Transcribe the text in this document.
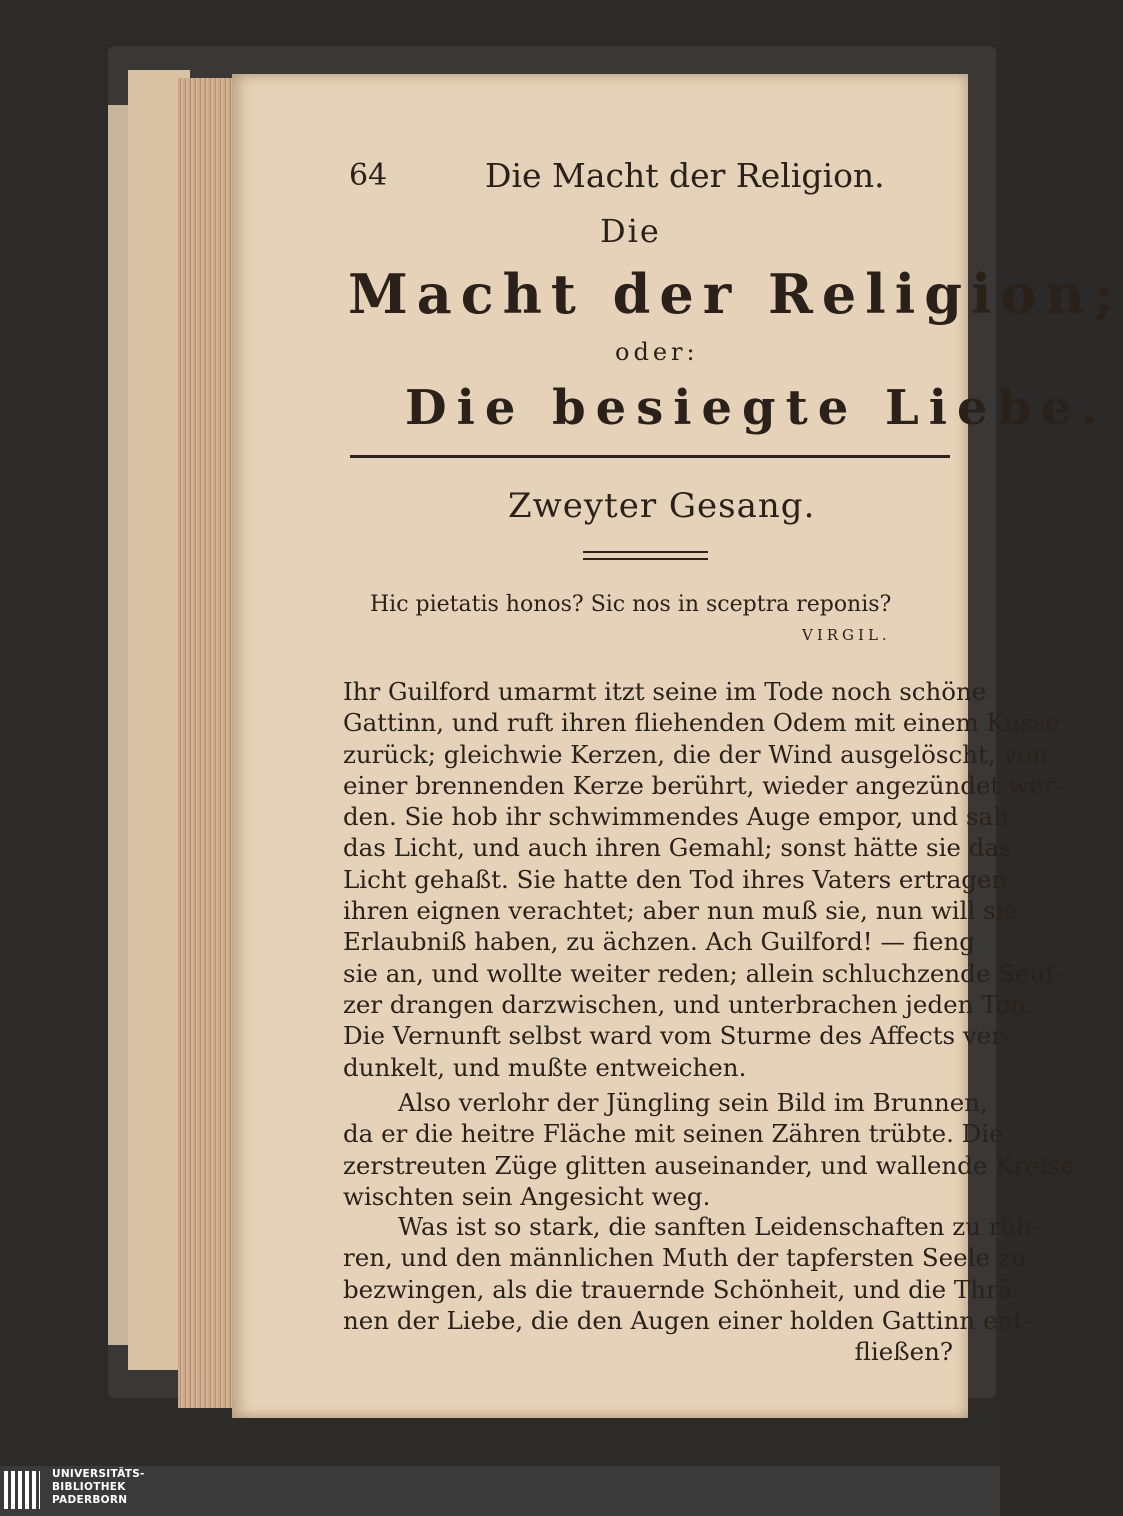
64	Die Macht der Religion.
Die
Macht der Religion;
oder:
Die besiegte Liebe.
Zweyter Gesang.
Hic pietatis honos? Sic nos in sceptra reponis?
VIRGIL.
Ihr Guilford umarmt itzt seine im Tode noch schöne
Gattinn, und ruft ihren fliehenden Odem mit einem Kusse
zurück; gleichwie Kerzen, die der Wind ausgelöscht, von
einer brennenden Kerze berührt, wieder angezündet wer-
den. Sie hob ihr schwimmendes Auge empor, und sah
das Licht, und auch ihren Gemahl; sonst hätte sie das
Licht gehaßt. Sie hatte den Tod ihres Vaters ertragen,
ihren eignen verachtet; aber nun muß sie, nun will sie
Erlaubniß haben, zu ächzen. Ach Guilford! — fieng
sie an, und wollte weiter reden; allein schluchzende Seuf-
zer drangen darzwischen, und unterbrachen jeden Ton.
Die Vernunft selbst ward vom Sturme des Affects ver-
dunkelt, und mußte entweichen.
Also verlohr der Jüngling sein Bild im Brunnen,
da er die heitre Fläche mit seinen Zähren trübte. Die
zerstreuten Züge glitten auseinander, und wallende Kreise
wischten sein Angesicht weg.
Was ist so stark, die sanften Leidenschaften zu rüh-
ren, und den männlichen Muth der tapfersten Seele zu
bezwingen, als die trauernde Schönheit, und die Thrä-
nen der Liebe, die den Augen einer holden Gattinn ent-
fließen?
UNIVERSITÄTS-
BIBLIOTHEK
PADERBORN
